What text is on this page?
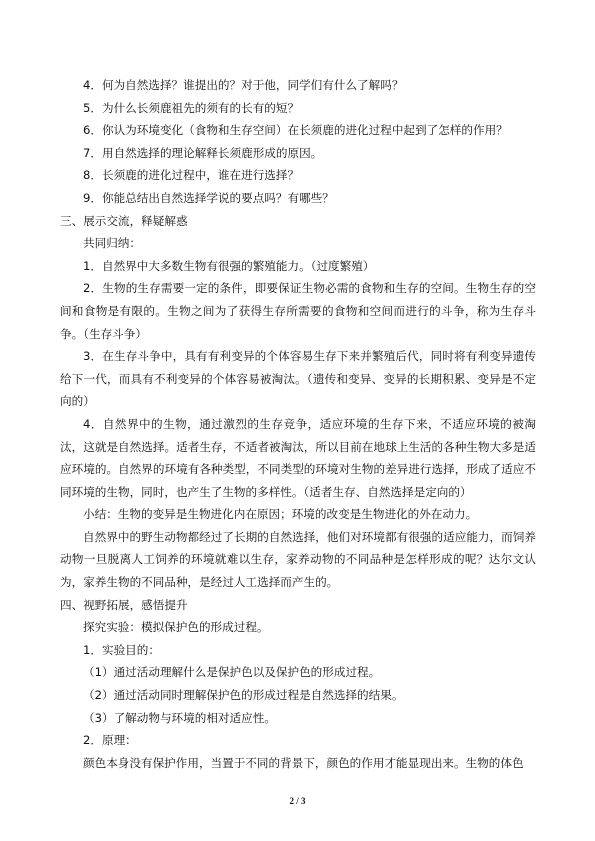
4．何为自然选择？谁提出的？对于他，同学们有什么了解吗？

5．为什么长须鹿祖先的须有的长有的短？

6．你认为环境变化（食物和生存空间）在长须鹿的进化过程中起到了怎样的作用？

7．用自然选择的理论解释长须鹿形成的原因。

8．长须鹿的进化过程中，谁在进行选择？

9．你能总结出自然选择学说的要点吗？有哪些？

三、展示交流，释疑解惑

共同归纳：

1．自然界中大多数生物有很强的繁殖能力。（过度繁殖）

2．生物的生存需要一定的条件，即要保证生物必需的食物和生存的空间。生物生存的空间和食物是有限的。生物之间为了获得生存所需要的食物和空间而进行的斗争，称为生存斗争。（生存斗争）

3．在生存斗争中，具有有利变异的个体容易生存下来并繁殖后代，同时将有利变异遗传给下一代，而具有不利变异的个体容易被淘汰。（遗传和变异、变异的长期积累、变异是不定向的）

4．自然界中的生物，通过激烈的生存竞争，适应环境的生存下来，不适应环境的被淘汰，这就是自然选择。适者生存，不适者被淘汰，所以目前在地球上生活的各种生物大多是适应环境的。自然界的环境有各种类型，不同类型的环境对生物的差异进行选择，形成了适应不同环境的生物，同时，也产生了生物的多样性。（适者生存、自然选择是定向的）

小结：生物的变异是生物进化内在原因；环境的改变是生物进化的外在动力。

自然界中的野生动物都经过了长期的自然选择，他们对环境都有很强的适应能力，而饲养动物一旦脱离人工饲养的环境就难以生存，家养动物的不同品种是怎样形成的呢？达尔文认为，家养生物的不同品种，是经过人工选择而产生的。

四、视野拓展，感悟提升

探究实验：模拟保护色的形成过程。

1．实验目的：

（1）通过活动理解什么是保护色以及保护色的形成过程。

（2）通过活动同时理解保护色的形成过程是自然选择的结果。

（3）了解动物与环境的相对适应性。

2．原理：

颜色本身没有保护作用，当置于不同的背景下，颜色的作用才能显现出来。生物的体色

2 / 3
